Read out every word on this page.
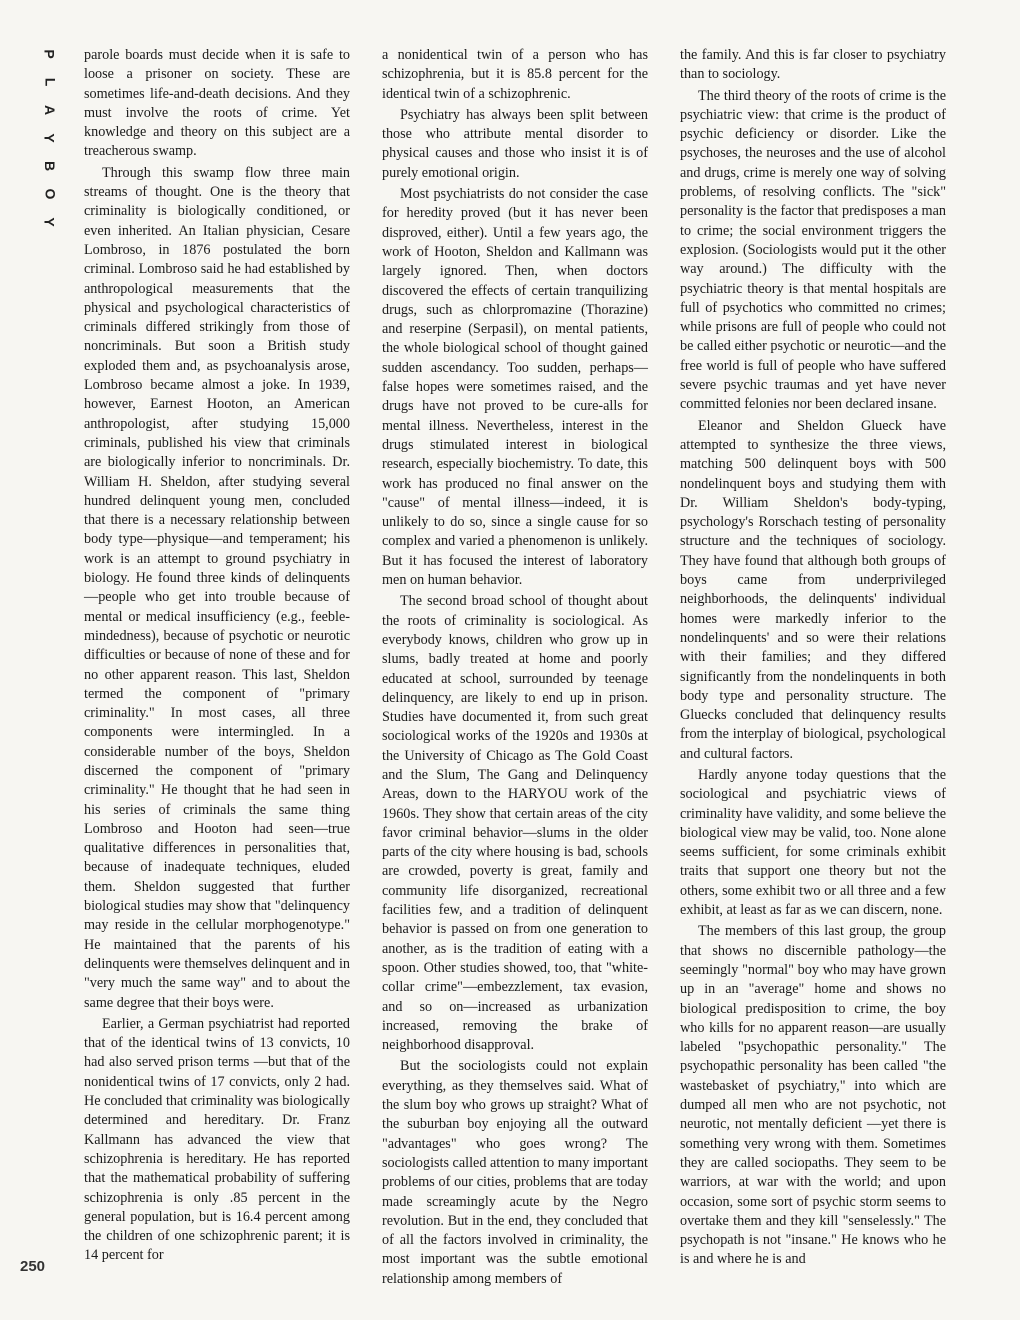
P
L
A
Y
B
O
Y
250

parole boards must decide when it is safe to loose a prisoner on society. These are sometimes life-and-death decisions. And they must involve the roots of crime. Yet knowledge and theory on this subject are a treacherous swamp.

Through this swamp flow three main streams of thought. One is the theory that criminality is biologically conditioned, or even inherited. An Italian physician, Cesare Lombroso, in 1876 postulated the born criminal. Lombroso said he had established by anthropological measurements that the physical and psychological characteristics of criminals differed strikingly from those of noncriminals. But soon a British study exploded them and, as psychoanalysis arose, Lombroso became almost a joke. In 1939, however, Earnest Hooton, an American anthropologist, after studying 15,000 criminals, published his view that criminals are biologically inferior to noncriminals. Dr. William H. Sheldon, after studying several hundred delinquent young men, concluded that there is a necessary relationship between body type—physique—and temperament; his work is an attempt to ground psychiatry in biology. He found three kinds of delinquents—people who get into trouble because of mental or medical insufficiency (e.g., feeble-mindedness), because of psychotic or neurotic difficulties or because of none of these and for no other apparent reason. This last, Sheldon termed the component of "primary criminality." In most cases, all three components were intermingled. In a considerable number of the boys, Sheldon discerned the component of "primary criminality." He thought that he had seen in his series of criminals the same thing Lombroso and Hooton had seen—true qualitative differences in personalities that, because of inadequate techniques, eluded them. Sheldon suggested that further biological studies may show that "delinquency may reside in the cellular morphogenotype." He maintained that the parents of his delinquents were themselves delinquent and in "very much the same way" and to about the same degree that their boys were.

Earlier, a German psychiatrist had reported that of the identical twins of 13 convicts, 10 had also served prison terms —but that of the nonidentical twins of 17 convicts, only 2 had. He concluded that criminality was biologically determined and hereditary. Dr. Franz Kallmann has advanced the view that schizophrenia is hereditary. He has reported that the mathematical probability of suffering schizophrenia is only .85 percent in the general population, but is 16.4 percent among the children of one schizophrenic parent; it is 14 percent for

a nonidentical twin of a person who has schizophrenia, but it is 85.8 percent for the identical twin of a schizophrenic.

Psychiatry has always been split between those who attribute mental disorder to physical causes and those who insist it is of purely emotional origin.

Most psychiatrists do not consider the case for heredity proved (but it has never been disproved, either). Until a few years ago, the work of Hooton, Sheldon and Kallmann was largely ignored. Then, when doctors discovered the effects of certain tranquilizing drugs, such as chlorpromazine (Thorazine) and reserpine (Serpasil), on mental patients, the whole biological school of thought gained sudden ascendancy. Too sudden, perhaps—false hopes were sometimes raised, and the drugs have not proved to be cure-alls for mental illness. Nevertheless, interest in the drugs stimulated interest in biological research, especially biochemistry. To date, this work has produced no final answer on the "cause" of mental illness—indeed, it is unlikely to do so, since a single cause for so complex and varied a phenomenon is unlikely. But it has focused the interest of laboratory men on human behavior.

The second broad school of thought about the roots of criminality is sociological. As everybody knows, children who grow up in slums, badly treated at home and poorly educated at school, surrounded by teenage delinquency, are likely to end up in prison. Studies have documented it, from such great sociological works of the 1920s and 1930s at the University of Chicago as The Gold Coast and the Slum, The Gang and Delinquency Areas, down to the HARYOU work of the 1960s. They show that certain areas of the city favor criminal behavior—slums in the older parts of the city where housing is bad, schools are crowded, poverty is great, family and community life disorganized, recreational facilities few, and a tradition of delinquent behavior is passed on from one generation to another, as is the tradition of eating with a spoon. Other studies showed, too, that "white-collar crime"—embezzlement, tax evasion, and so on—increased as urbanization increased, removing the brake of neighborhood disapproval.

But the sociologists could not explain everything, as they themselves said. What of the slum boy who grows up straight? What of the suburban boy enjoying all the outward "advantages" who goes wrong? The sociologists called attention to many important problems of our cities, problems that are today made screamingly acute by the Negro revolution. But in the end, they concluded that of all the factors involved in criminality, the most important was the subtle emotional relationship among members of

the family. And this is far closer to psychiatry than to sociology.

The third theory of the roots of crime is the psychiatric view: that crime is the product of psychic deficiency or disorder. Like the psychoses, the neuroses and the use of alcohol and drugs, crime is merely one way of solving problems, of resolving conflicts. The "sick" personality is the factor that predisposes a man to crime; the social environment triggers the explosion. (Sociologists would put it the other way around.) The difficulty with the psychiatric theory is that mental hospitals are full of psychotics who committed no crimes; while prisons are full of people who could not be called either psychotic or neurotic—and the free world is full of people who have suffered severe psychic traumas and yet have never committed felonies nor been declared insane.

Eleanor and Sheldon Glueck have attempted to synthesize the three views, matching 500 delinquent boys with 500 nondelinquent boys and studying them with Dr. William Sheldon's body-typing, psychology's Rorschach testing of personality structure and the techniques of sociology. They have found that although both groups of boys came from underprivileged neighborhoods, the delinquents' individual homes were markedly inferior to the nondelinquents' and so were their relations with their families; and they differed significantly from the nondelinquents in both body type and personality structure. The Gluecks concluded that delinquency results from the interplay of biological, psychological and cultural factors.

Hardly anyone today questions that the sociological and psychiatric views of criminality have validity, and some believe the biological view may be valid, too. None alone seems sufficient, for some criminals exhibit traits that support one theory but not the others, some exhibit two or all three and a few exhibit, at least as far as we can discern, none.

The members of this last group, the group that shows no discernible pathology—the seemingly "normal" boy who may have grown up in an "average" home and shows no biological predisposition to crime, the boy who kills for no apparent reason—are usually labeled "psychopathic personality." The psychopathic personality has been called "the wastebasket of psychiatry," into which are dumped all men who are not psychotic, not neurotic, not mentally deficient —yet there is something very wrong with them. Sometimes they are called sociopaths. They seem to be warriors, at war with the world; and upon occasion, some sort of psychic storm seems to overtake them and they kill "senselessly." The psychopath is not "insane." He knows who he is and where he is and
